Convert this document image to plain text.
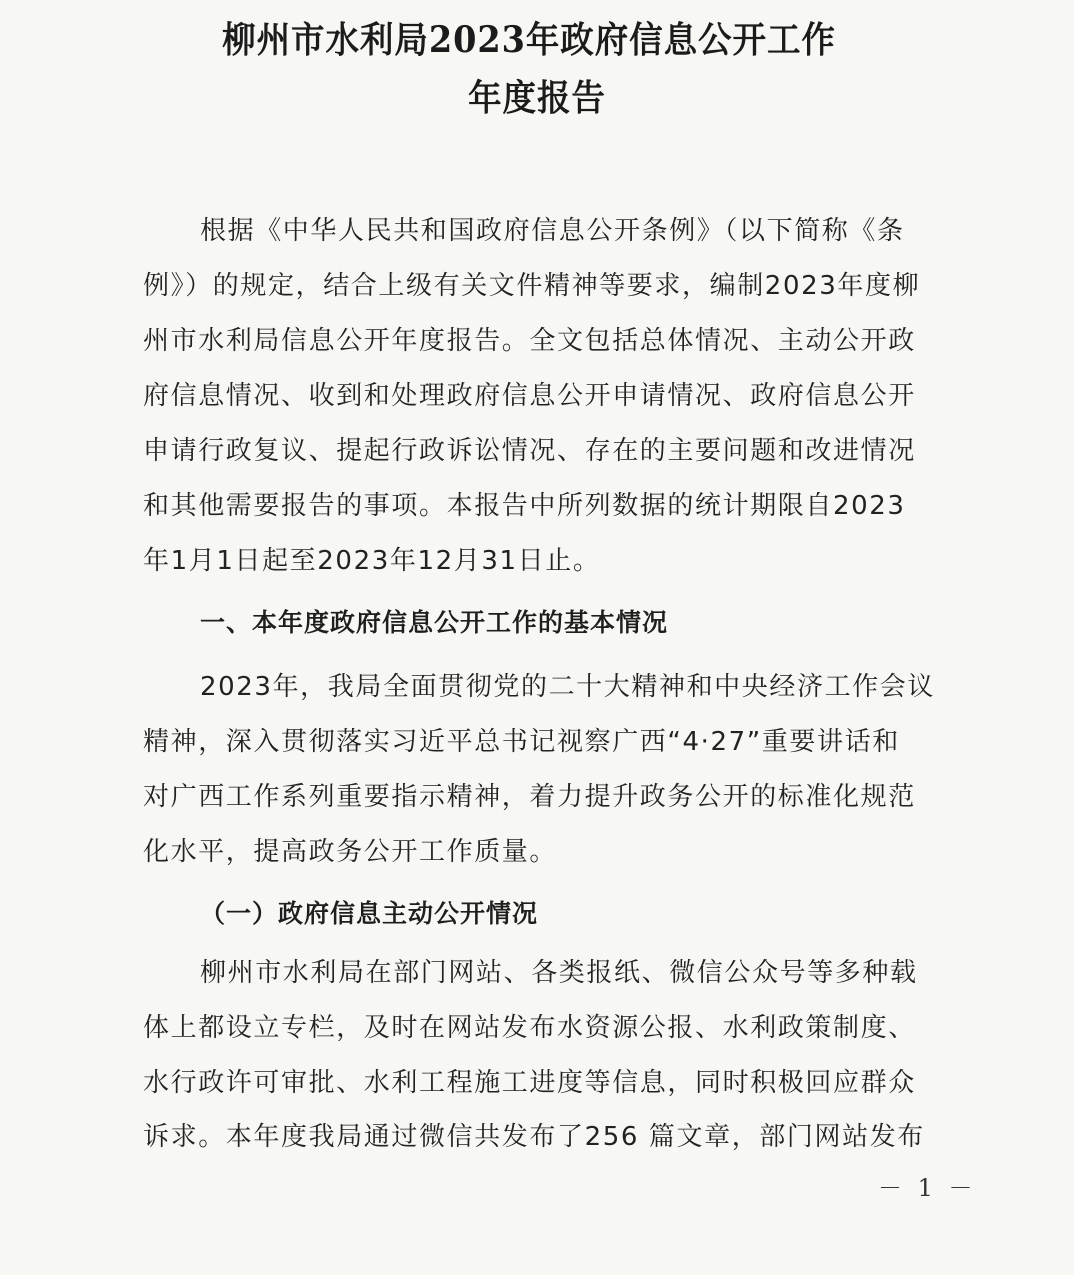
柳州市水利局2023年政府信息公开工作
年度报告
根据《中华人民共和国政府信息公开条例》（以下简称《条
例》）的规定，结合上级有关文件精神等要求，编制2023年度柳
州市水利局信息公开年度报告。全文包括总体情况、主动公开政
府信息情况、收到和处理政府信息公开申请情况、政府信息公开
申请行政复议、提起行政诉讼情况、存在的主要问题和改进情况
和其他需要报告的事项。本报告中所列数据的统计期限自2023
年1月1日起至2023年12月31日止。
一、本年度政府信息公开工作的基本情况
2023年，我局全面贯彻党的二十大精神和中央经济工作会议
精神，深入贯彻落实习近平总书记视察广西“4·27”重要讲话和
对广西工作系列重要指示精神，着力提升政务公开的标准化规范
化水平，提高政务公开工作质量。
（一）政府信息主动公开情况
柳州市水利局在部门网站、各类报纸、微信公众号等多种载
体上都设立专栏，及时在网站发布水资源公报、水利政策制度、
水行政许可审批、水利工程施工进度等信息，同时积极回应群众
诉求。本年度我局通过微信共发布了256 篇文章，部门网站发布
－ 1 －
